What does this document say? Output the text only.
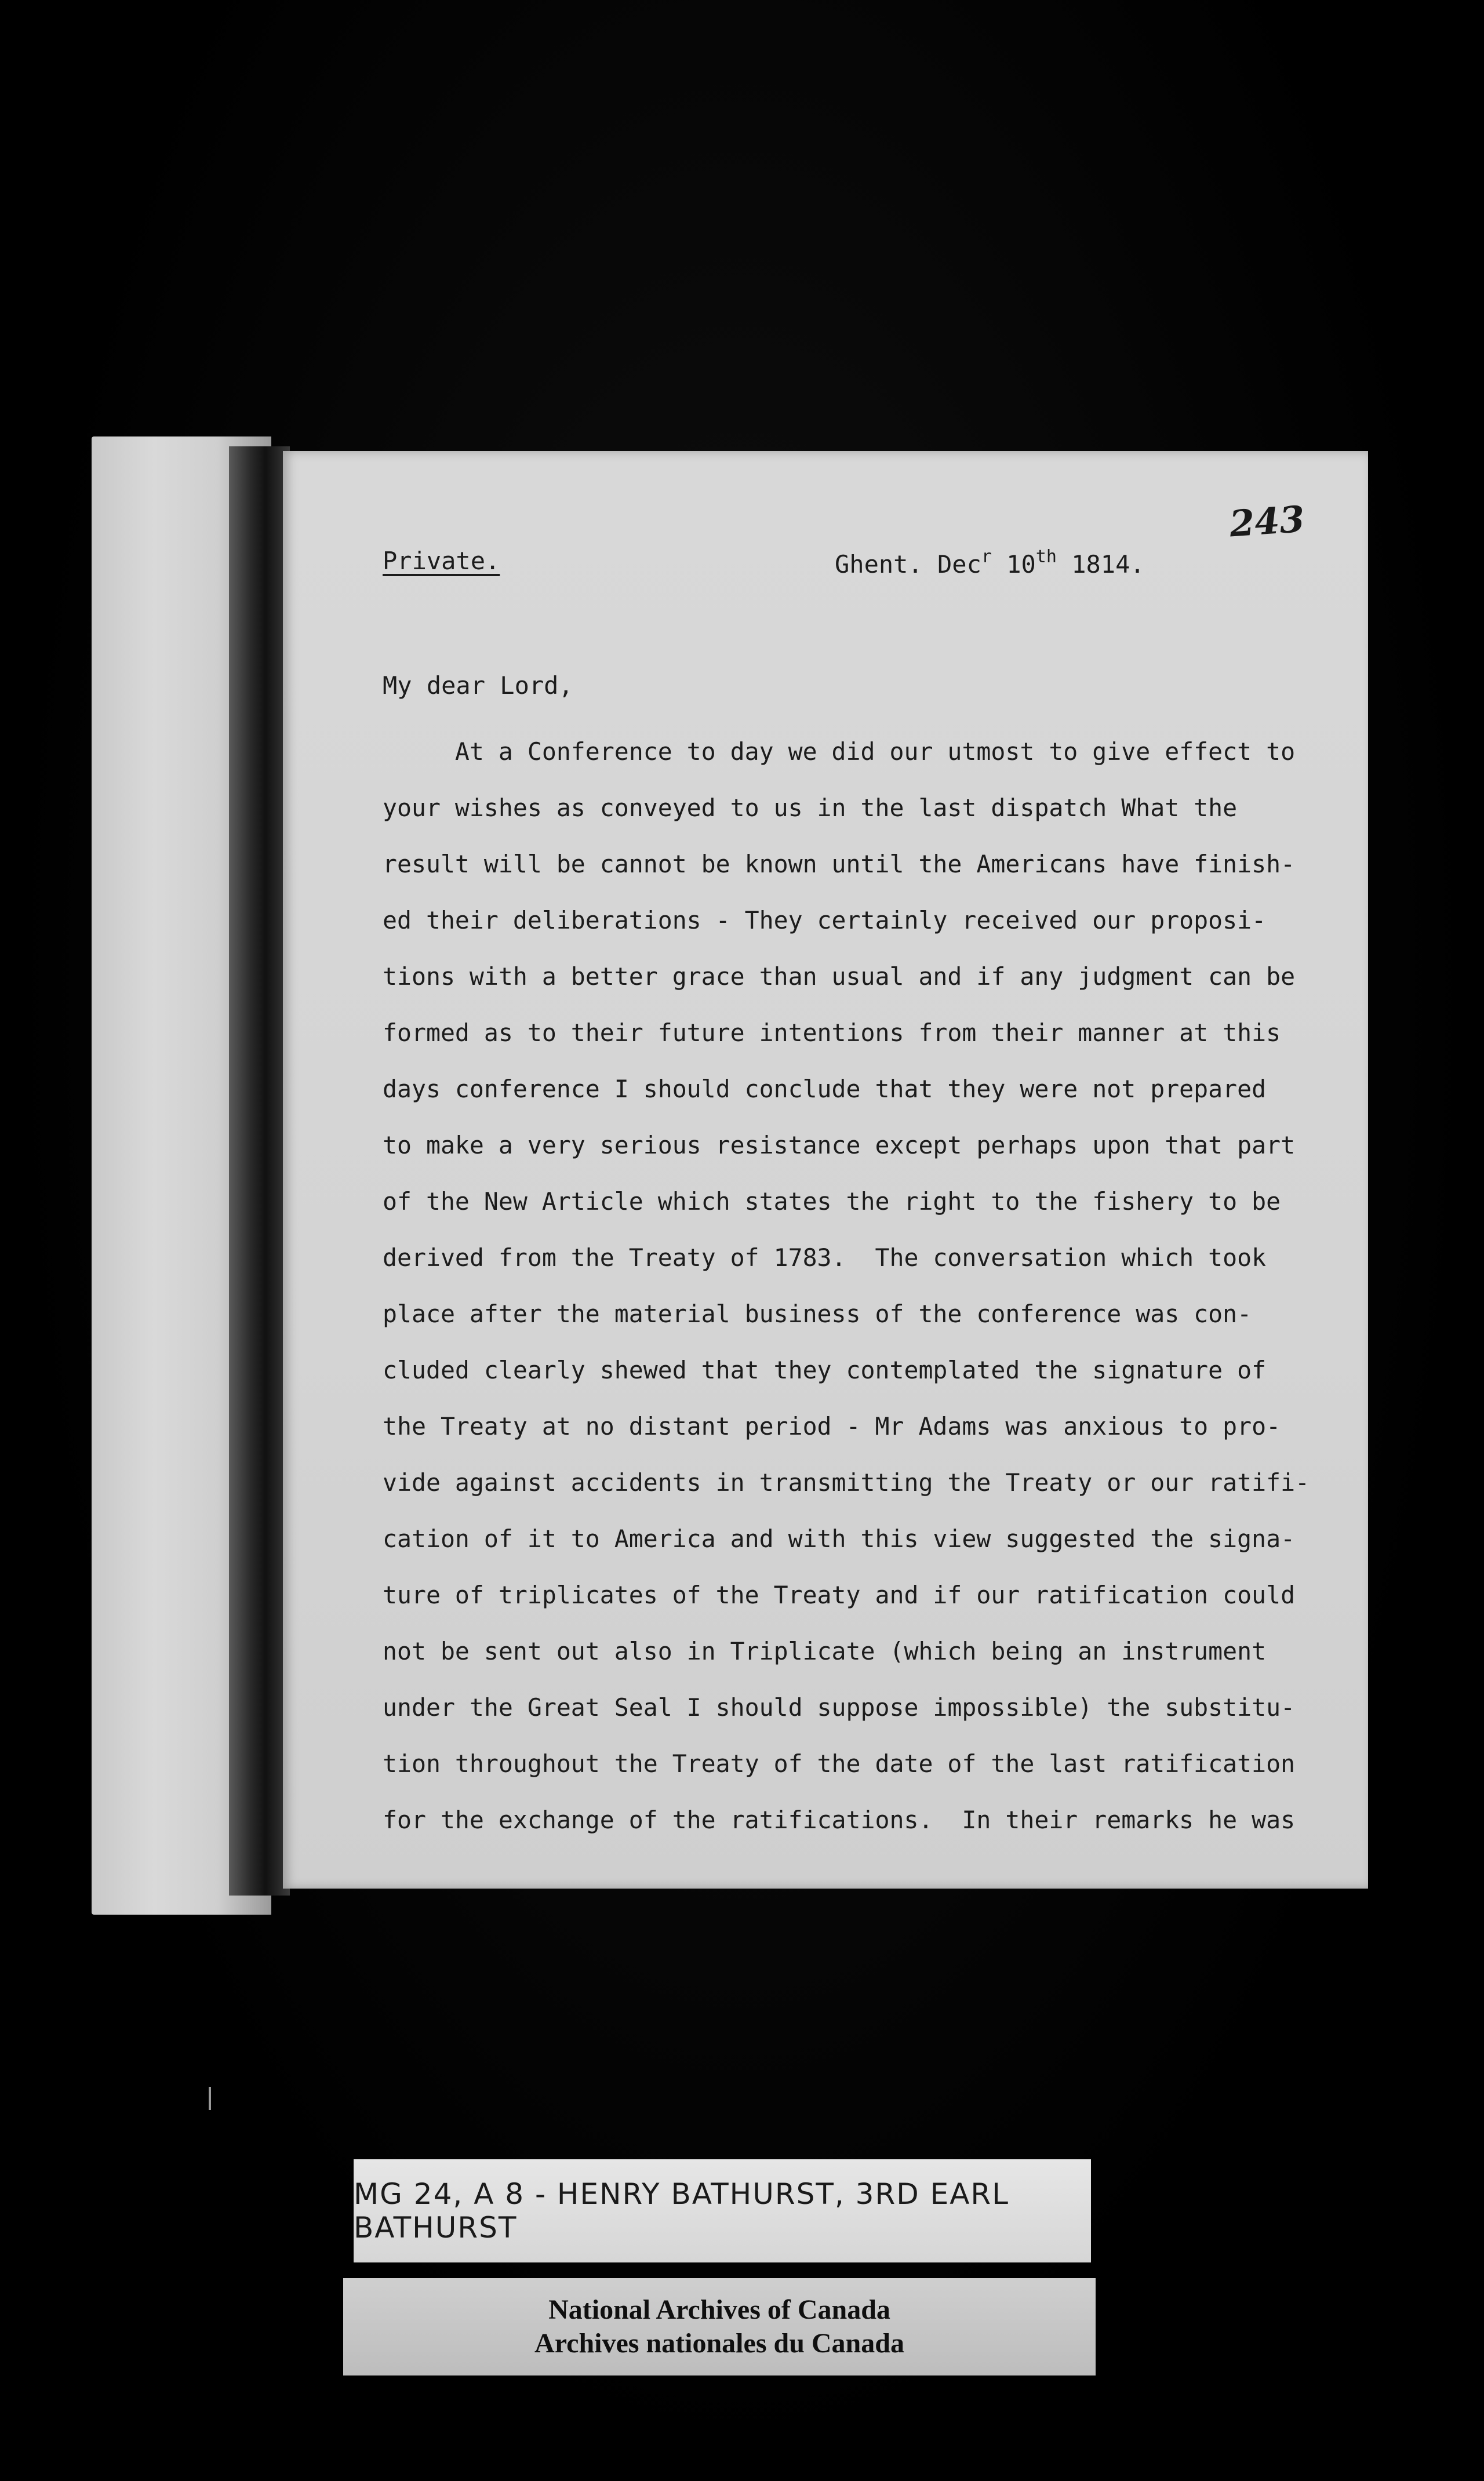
243
Private.	Ghent. Dec$^r$ 10th 1814.
My dear Lord,
At a Conference to day we did our utmost to give effect to
your wishes as conveyed to us in the last dispatch What the
result will be cannot be known until the Americans have finish-
ed their deliberations - They certainly received our proposi-
tions with a better grace than usual and if any judgment can be
formed as to their future intentions from their manner at this
days conference I should conclude that they were not prepared
to make a very serious resistance except perhaps upon that part
of the New Article which states the right to the fishery to be
derived from the Treaty of 1783.  The conversation which took
place after the material business of the conference was con-
cluded clearly shewed that they contemplated the signature of
the Treaty at no distant period - Mr Adams was anxious to pro-
vide against accidents in transmitting the Treaty or our ratifi-
cation of it to America and with this view suggested the signa-
ture of triplicates of the Treaty and if our ratification could
not be sent out also in Triplicate (which being an instrument
under the Great Seal I should suppose impossible) the substitu-
tion throughout the Treaty of the date of the last ratification
for the exchange of the ratifications.  In their remarks he was
MG 24, A 8 - HENRY BATHURST, 3RD EARL BATHURST
National Archives of Canada
Archives nationales du Canada
